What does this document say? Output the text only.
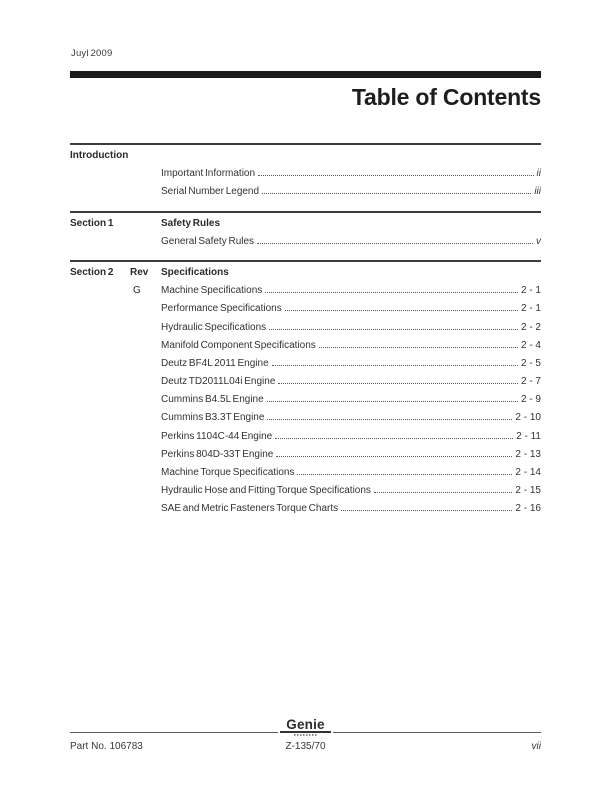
Juyl 2009
Table of Contents
Introduction
Important Information	ii
Serial Number Legend	iii
Section 1	Safety Rules
General Safety Rules	v
Section 2	Rev	Specifications
G	Machine Specifications	2 - 1
Performance Specifications	2 - 1
Hydraulic Specifications	2 - 2
Manifold Component Specifications	2 - 4
Deutz BF4L 2011 Engine	2 - 5
Deutz TD2011L04i Engine	2 - 7
Cummins B4.5L Engine	2 - 9
Cummins B3.3T Engine	2 - 10
Perkins 1104C-44 Engine	2 - 11
Perkins 804D-33T Engine	2 - 13
Machine Torque Specifications	2 - 14
Hydraulic Hose and Fitting Torque Specifications	2 - 15
SAE and Metric Fasteners Torque Charts	2 - 16
Genie
Part No. 106783	Z-135/70	vii
